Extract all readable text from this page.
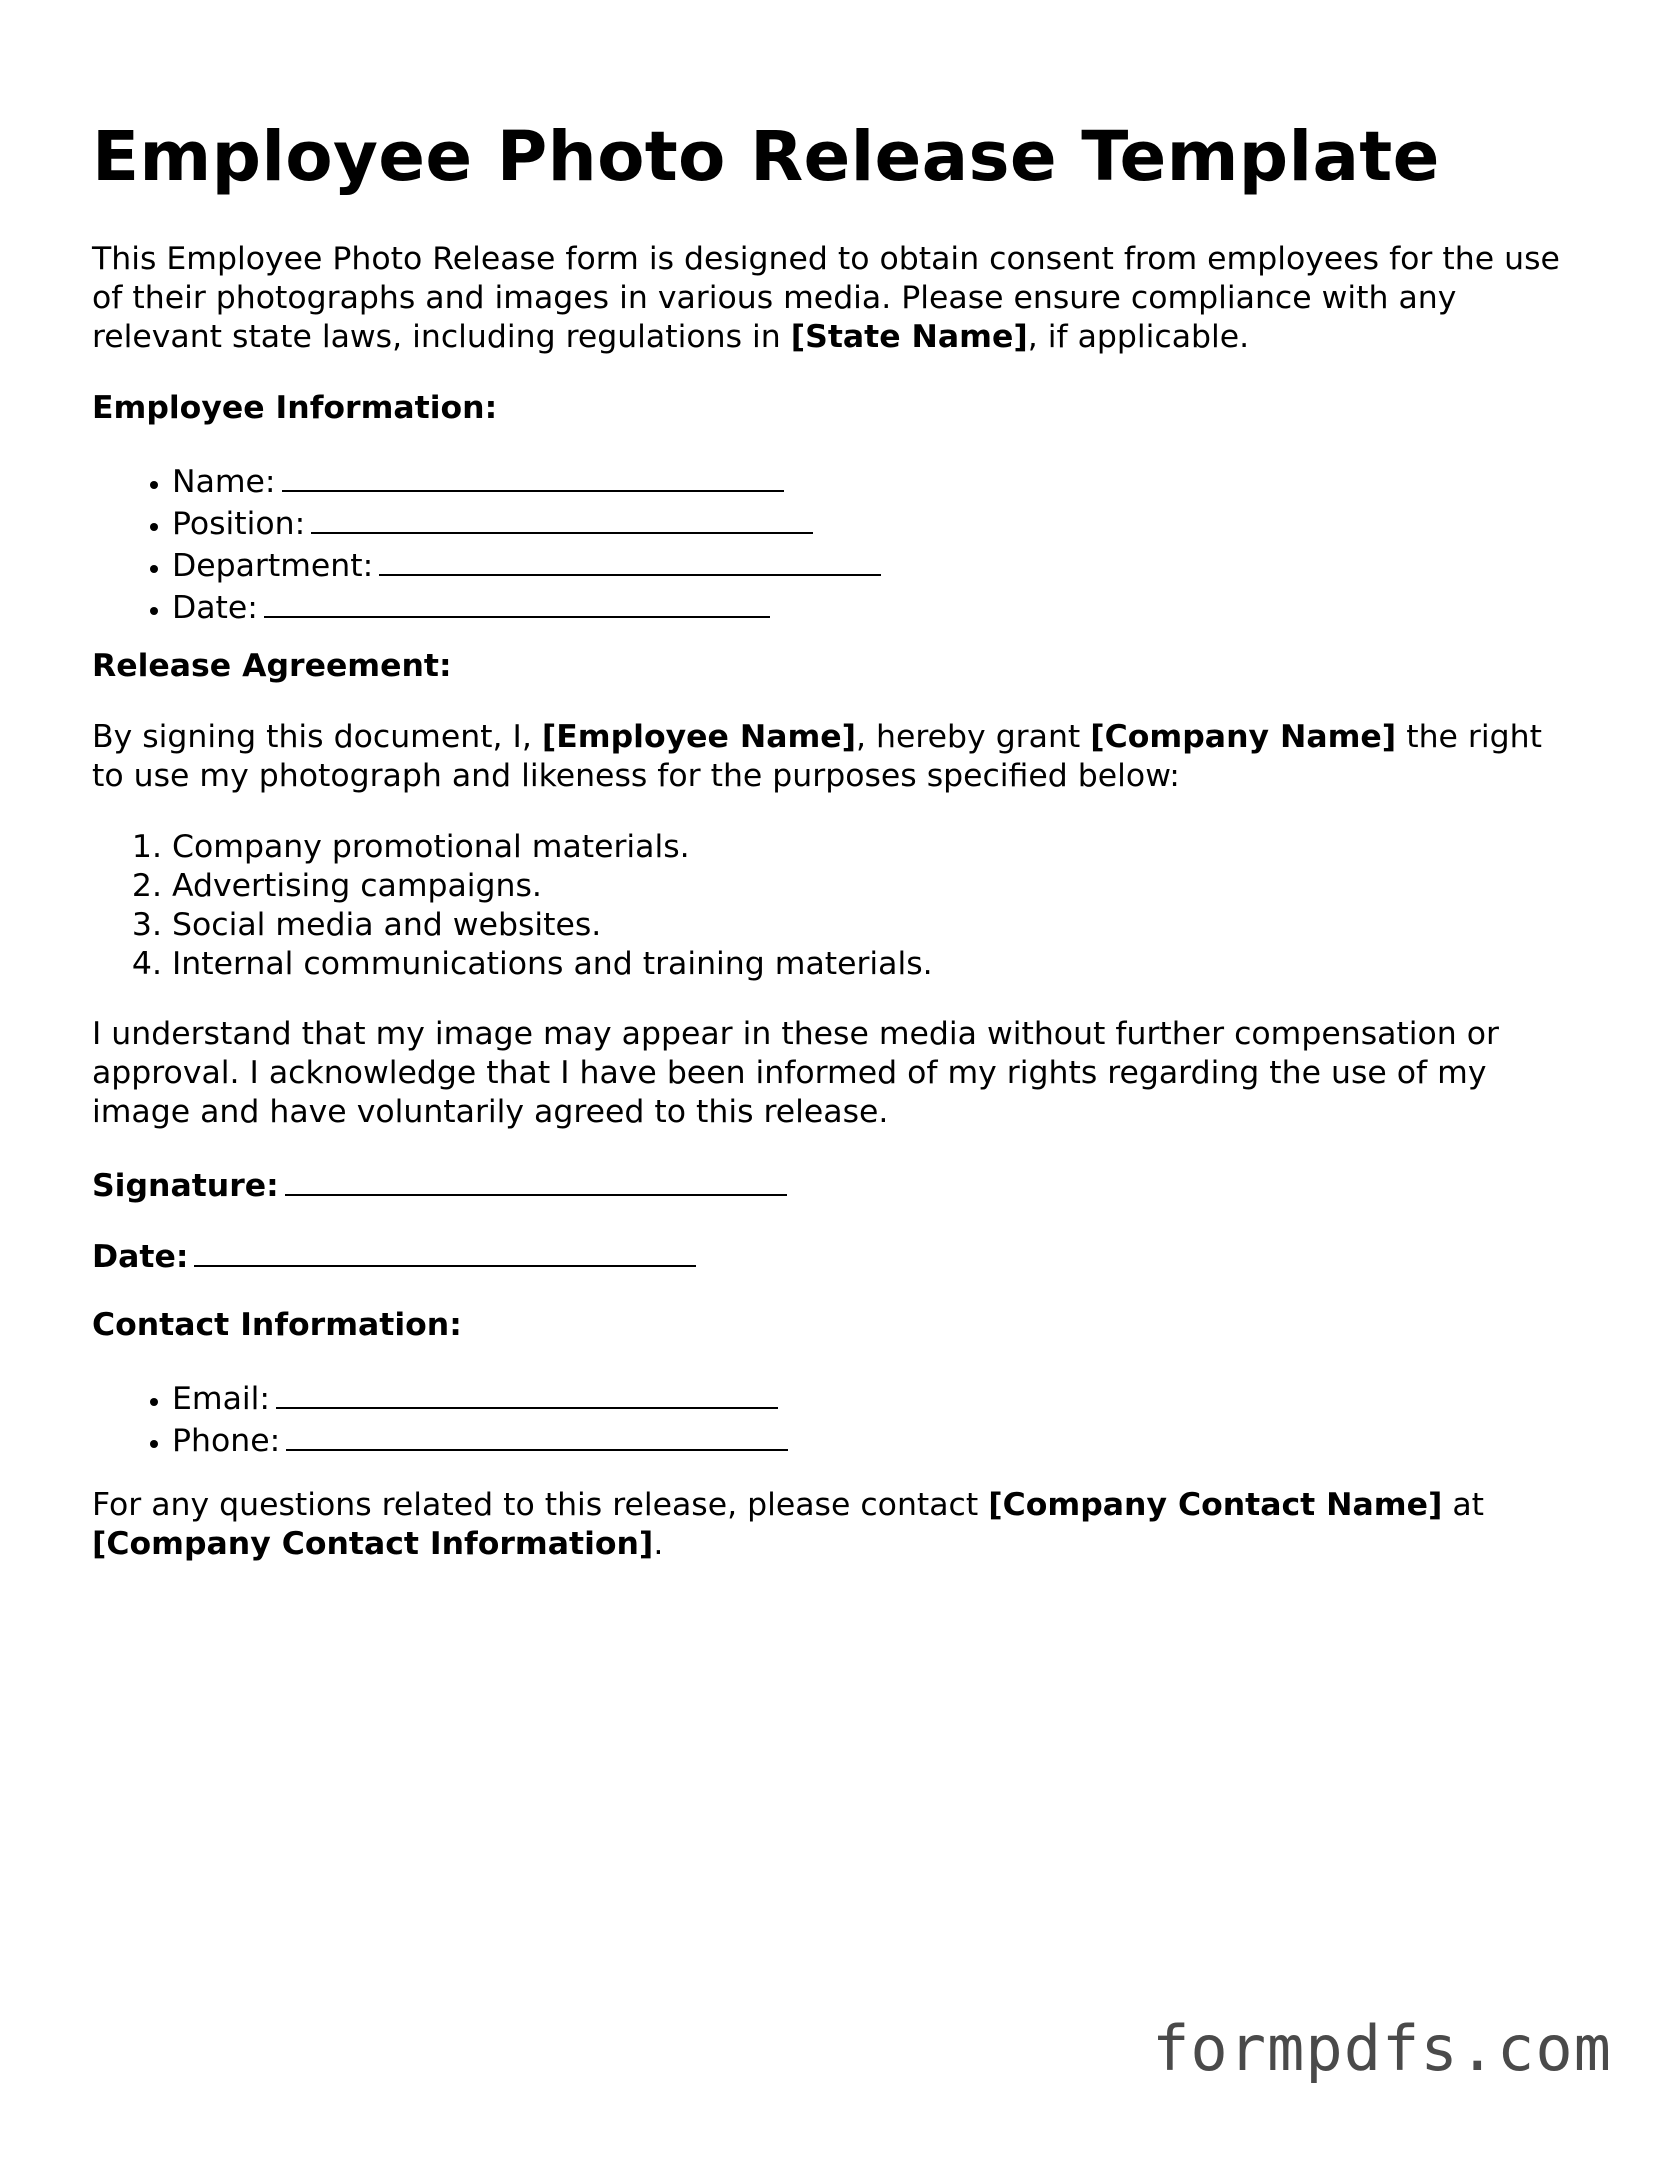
Employee Photo Release Template
This Employee Photo Release form is designed to obtain consent from employees for the use of their photographs and images in various media. Please ensure compliance with any relevant state laws, including regulations in [State Name], if applicable.
Employee Information:
• Name:
• Position:
• Department:
• Date:
Release Agreement:
By signing this document, I, [Employee Name], hereby grant [Company Name] the right to use my photograph and likeness for the purposes specified below:
1. Company promotional materials.
2. Advertising campaigns.
3. Social media and websites.
4. Internal communications and training materials.
I understand that my image may appear in these media without further compensation or approval. I acknowledge that I have been informed of my rights regarding the use of my image and have voluntarily agreed to this release.
Signature:
Date:
Contact Information:
• Email:
• Phone:
For any questions related to this release, please contact [Company Contact Name] at
[Company Contact Information].
formpdfs.com
